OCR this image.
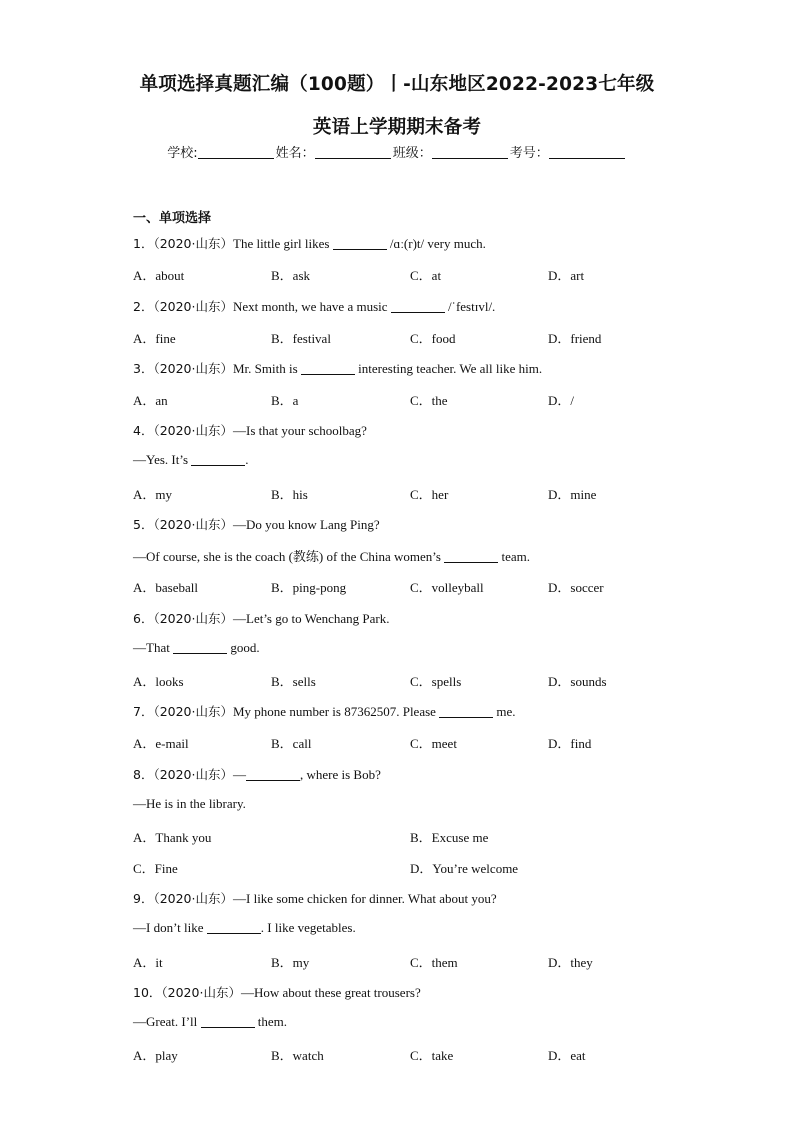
单项选择真题汇编（100题）丨-山东地区2022-2023七年级
英语上学期期末备考
学校:	姓名：	班级：	考号：
一、单项选择
1．（2020·山东）The little girl likes	/ɑː(r)t/ very much.
A．about	B．ask	C．at	D．art
2．（2020·山东）Next month, we have a music	/ˈfestɪvl/.
A．fine	B．festival	C．food	D．friend
3．（2020·山东）Mr. Smith is	interesting teacher. We all like him.
A．an	B．a	C．the	D．/
4．（2020·山东）—Is that your schoolbag?
—Yes. It’s	.
A．my	B．his	C．her	D．mine
5．（2020·山东）—Do you know Lang Ping?
—Of course, she is the coach (教练) of the China women’s	team.
A．baseball	B．ping-pong	C．volleyball	D．soccer
6．（2020·山东）—Let’s go to Wenchang Park.
—That	good.
A．looks	B．sells	C．spells	D．sounds
7．（2020·山东）My phone number is 87362507. Please	me.
A．e-mail	B．call	C．meet	D．find
8．（2020·山东）—	, where is Bob?
—He is in the library.
A．Thank you	B．Excuse me
C．Fine	D．You’re welcome
9．（2020·山东）—I like some chicken for dinner. What about you?
—I don’t like	. I like vegetables.
A．it	B．my	C．them	D．they
10．（2020·山东）—How about these great trousers?
—Great. I’ll	them.
A．play	B．watch	C．take	D．eat
